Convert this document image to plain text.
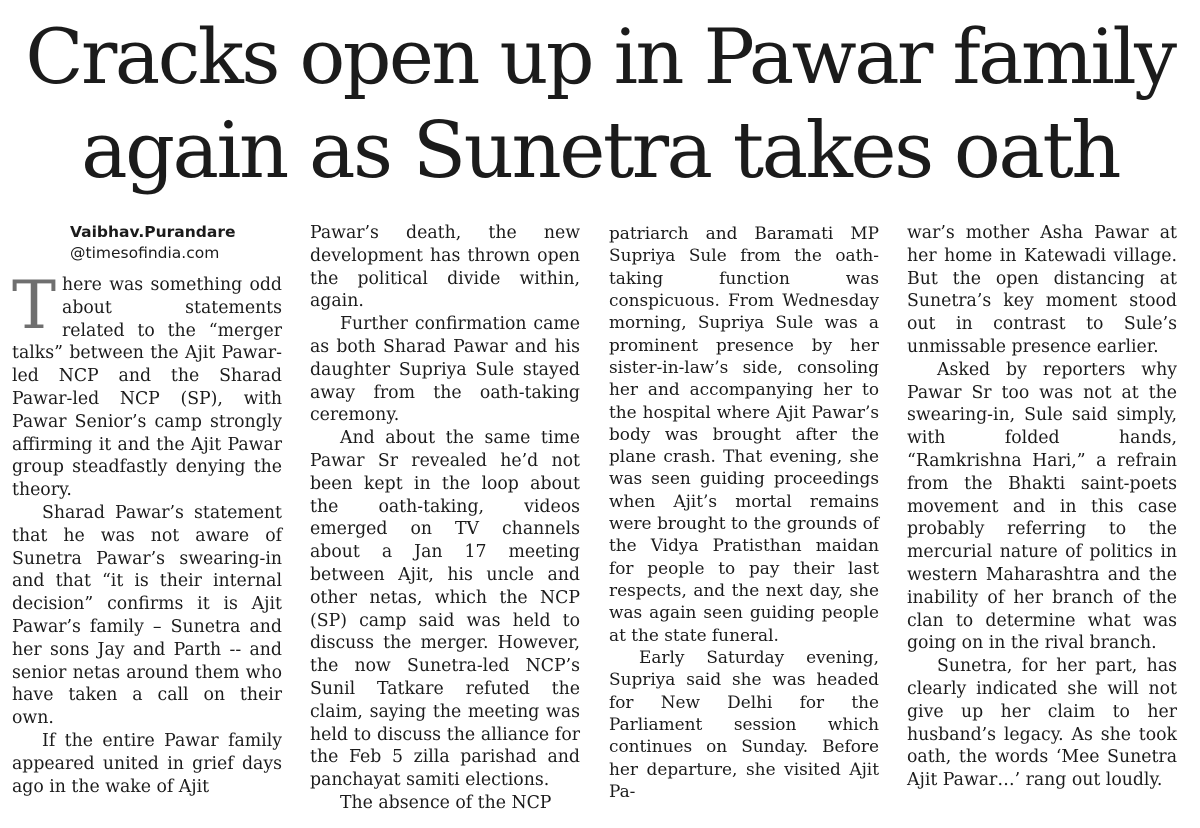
Cracks open up in Pawar family
again as Sunetra takes oath
Vaibhav.Purandare
@timesofindia.com

There was something odd about statements related to the “merger talks” between the Ajit Pawar-led NCP and the Sharad Pawar-led NCP (SP), with Pawar Senior’s camp strongly affirming it and the Ajit Pawar group steadfastly denying the theory.

Sharad Pawar’s statement that he was not aware of Sunetra Pawar’s swearing-in and that “it is their internal decision” confirms it is Ajit Pawar’s family – Sunetra and her sons Jay and Parth -- and senior netas around them who have taken a call on their own.

If the entire Pawar family appeared united in grief days ago in the wake of Ajit

Pawar’s death, the new development has thrown open the political divide within, again.

Further confirmation came as both Sharad Pawar and his daughter Supriya Sule stayed away from the oath-taking ceremony.

And about the same time Pawar Sr revealed he’d not been kept in the loop about the oath-taking, videos emerged on TV channels about a Jan 17 meeting between Ajit, his uncle and other netas, which the NCP (SP) camp said was held to discuss the merger. However, the now Sunetra-led NCP’s Sunil Tatkare refuted the claim, saying the meeting was held to discuss the alliance for the Feb 5 zilla parishad and panchayat samiti elections.

The absence of the NCP

patriarch and Baramati MP Supriya Sule from the oath-taking function was conspicuous. From Wednesday morning, Supriya Sule was a prominent presence by her sister-in-law’s side, consoling her and accompanying her to the hospital where Ajit Pawar’s body was brought after the plane crash. That evening, she was seen guiding proceedings when Ajit’s mortal remains were brought to the grounds of the Vidya Pratisthan maidan for people to pay their last respects, and the next day, she was again seen guiding people at the state funeral.

Early Saturday evening, Supriya said she was headed for New Delhi for the Parliament session which continues on Sunday. Before her departure, she visited Ajit Pa-

war’s mother Asha Pawar at her home in Katewadi village. But the open distancing at Sunetra’s key moment stood out in contrast to Sule’s unmissable presence earlier.

Asked by reporters why Pawar Sr too was not at the swearing-in, Sule said simply, with folded hands, “Ramkrishna Hari,” a refrain from the Bhakti saint-poets movement and in this case probably referring to the mercurial nature of politics in western Maharashtra and the inability of her branch of the clan to determine what was going on in the rival branch.

Sunetra, for her part, has clearly indicated she will not give up her claim to her husband’s legacy. As she took oath, the words ‘Mee Sunetra Ajit Pawar…’ rang out loudly.
